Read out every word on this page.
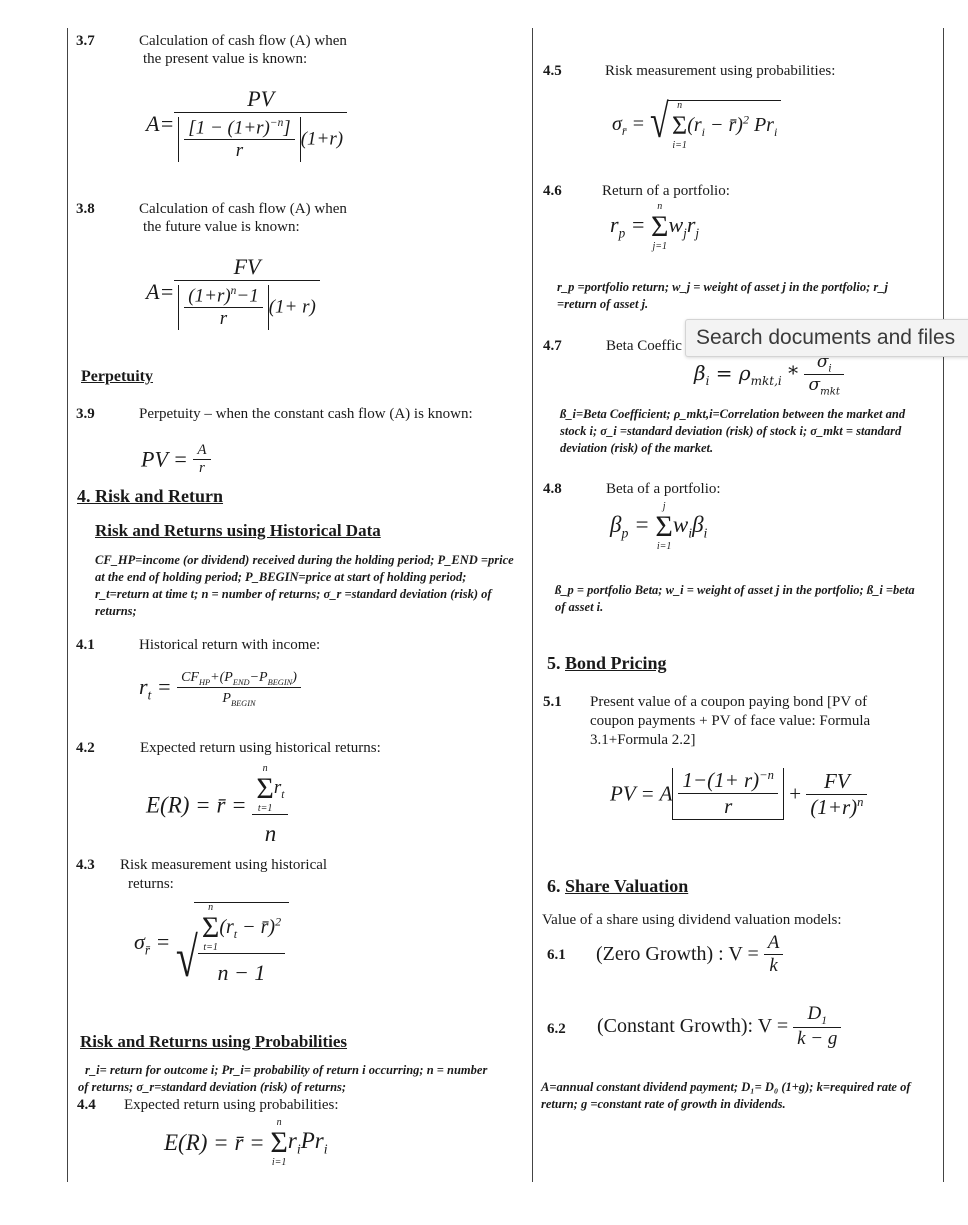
3.7	Calculation of cash flow (A) when
the present value is known:
$A= \frac{PV}{\frac{[1 - (1+r)^{-n}]}{r} (1+r)}$
3.8	Calculation of cash flow (A) when
the future value is known:
$A= \frac{FV}{\frac{(1+r)^n-1}{r} (1+ r)}$
Perpetuity
3.9	Perpetuity – when the constant cash flow (A) is known:
PV = $\frac{A}{r}$
4. Risk and Return
Risk and Returns using Historical Data
CF_HP=income (or dividend) received during the holding period; P_END =price at the end of holding period; P_BEGIN=price at start of holding period; r_t=return at time t; n = number of returns; σ_r =standard deviation (risk) of returns;
4.1	Historical return with income:
$r_t = \frac{CF_{HP}+(P_{END}-P_{BEGIN})}{P_{BEGIN}}$
4.2	Expected return using historical returns:
E(R) = r̄ = n
Σ
t=1
$r_t$
n
4.3 Risk measurement using historical
returns:
$\sigma_{r̄}$ = √ n
Σ
t=1
($r_t$ − r̄)$^2$
n − 1
Risk and Returns using Probabilities
r_i= return for outcome i; Pr_i= probability of return i occurring; n = number
of returns; σ_r=standard deviation (risk) of returns;
4.4 Expected return using probabilities:
E(R) = r̄ =
n
Σ
i=1
$r_iPr_i$
4.5	Risk measurement using probabilities:
$\sigma_{r̄}$ = √ n
Σ
i=1
($r_i$ − r̄)$^2$ $Pr_i$
4.6	Return of a portfolio:
$r_p$ =
n
Σ
j=1
$w_jr_j$
r_p =portfolio return; w_j = weight of asset j in the portfolio; r_j =return of asset j.
4.7	Beta Coeffic
Search documents and files
$\beta_i = \rho_{mkt,i} * \frac{\sigma_i}{\sigma_{mkt}}$
ß_i=Beta Coefficient; ρ_mkt,i=Correlation between the market and stock i; σ_i =standard deviation (risk) of stock i; σ_mkt = standard deviation (risk) of the market.
4.8	Beta of a portfolio:
$\beta_p$ =
j
Σ
i=1
$w_i\beta_i$
ß_p = portfolio Beta; w_i = weight of asset j in the portfolio; ß_i =beta of asset i.
5. Bond Pricing
5.1 Present value of a coupon paying bond [PV of
coupon payments + PV of face value: Formula
3.1+Formula 2.2]
PV = A $\frac{1-(1+ r)^{-n}}{r} + \frac{FV}{(1+r)^n}$
6. Share Valuation
Value of a share using dividend valuation models:
6.1 (Zero Growth) : $V = \frac{A}{k}$
6.2 (Constant Growth): $V = \frac{D_1}{k - g}$
A=annual constant dividend payment; D₁= D₀ (1+g); k=required rate of return; g =constant rate of growth in dividends.
